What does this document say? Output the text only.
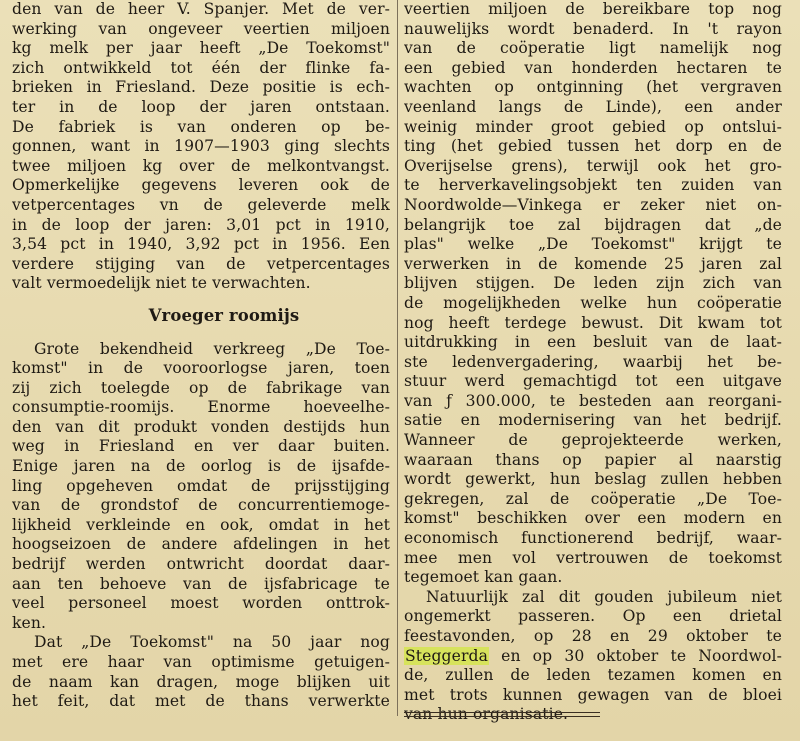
den van de heer V. Spanjer. Met de ver-
werking van ongeveer veertien miljoen
kg melk per jaar heeft „De Toekomst"
zich ontwikkeld tot één der flinke fa-
brieken in Friesland. Deze positie is ech-
ter in de loop der jaren ontstaan.
De fabriek is van onderen op be-
gonnen, want in 1907—1903 ging slechts
twee miljoen kg over de melkontvangst.
Opmerkelijke gegevens leveren ook de
vetpercentages vn de geleverde melk
in de loop der jaren: 3,01 pct in 1910,
3,54 pct in 1940, 3,92 pct in 1956. Een
verdere stijging van de vetpercentages
valt vermoedelijk niet te verwachten.
Vroeger roomijs
Grote bekendheid verkreeg „De Toe-
komst" in de vooroorlogse jaren, toen
zij zich toelegde op de fabrikage van
consumptie-roomijs. Enorme hoeveelhe-
den van dit produkt vonden destijds hun
weg in Friesland en ver daar buiten.
Enige jaren na de oorlog is de ijsafde-
ling opgeheven omdat de prijsstijging
van de grondstof de concurrentiemoge-
lijkheid verkleinde en ook, omdat in het
hoogseizoen de andere afdelingen in het
bedrijf werden ontwricht doordat daar-
aan ten behoeve van de ijsfabricage te
veel personeel moest worden onttrok-
ken.
Dat „De Toekomst" na 50 jaar nog
met ere haar van optimisme getuigen-
de naam kan dragen, moge blijken uit
het feit, dat met de thans verwerkte
veertien miljoen de bereikbare top nog
nauwelijks wordt benaderd. In 't rayon
van de coöperatie ligt namelijk nog
een gebied van honderden hectaren te
wachten op ontginning (het vergraven
veenland langs de Linde), een ander
weinig minder groot gebied op ontslui-
ting (het gebied tussen het dorp en de
Overijselse grens), terwijl ook het gro-
te herverkavelingsobjekt ten zuiden van
Noordwolde—Vinkega er zeker niet on-
belangrijk toe zal bijdragen dat „de
plas" welke „De Toekomst" krijgt te
verwerken in de komende 25 jaren zal
blijven stijgen. De leden zijn zich van
de mogelijkheden welke hun coöperatie
nog heeft terdege bewust. Dit kwam tot
uitdrukking in een besluit van de laat-
ste ledenvergadering, waarbij het be-
stuur werd gemachtigd tot een uitgave
van ƒ 300.000, te besteden aan reorgani-
satie en modernisering van het bedrijf.
Wanneer de geprojekteerde werken,
waaraan thans op papier al naarstig
wordt gewerkt, hun beslag zullen hebben
gekregen, zal de coöperatie „De Toe-
komst" beschikken over een modern en
economisch functionerend bedrijf, waar-
mee men vol vertrouwen de toekomst
tegemoet kan gaan.
Natuurlijk zal dit gouden jubileum niet
ongemerkt passeren. Op een drietal
feestavonden, op 28 en 29 oktober te
Steggerda en op 30 oktober te Noordwol-
de, zullen de leden tezamen komen en
met trots kunnen gewagen van de bloei
van hun organisatie.
